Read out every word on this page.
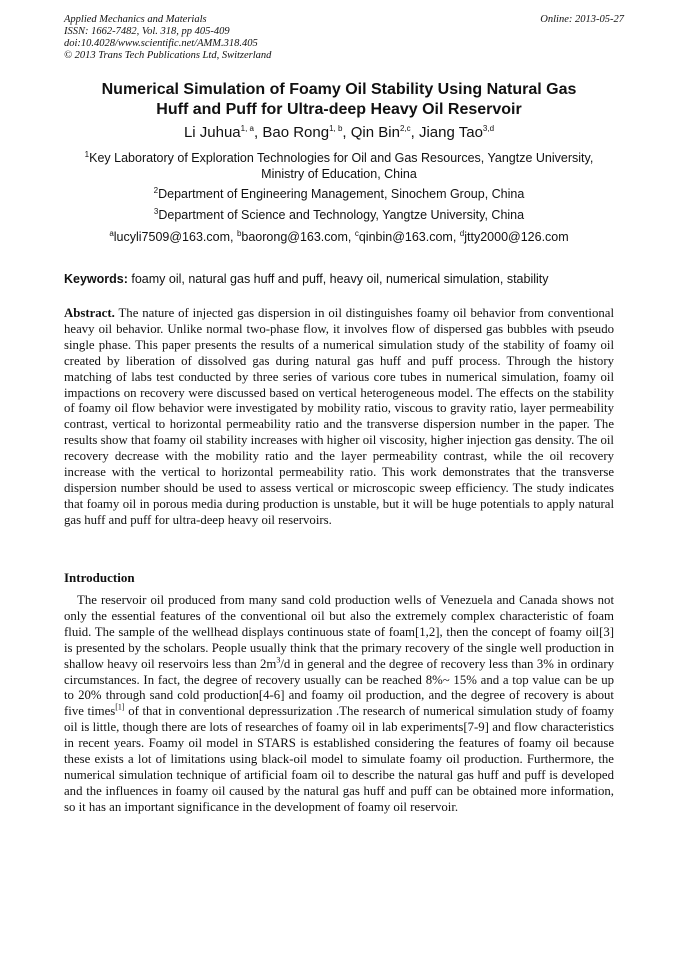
Applied Mechanics and Materials
ISSN: 1662-7482, Vol. 318, pp 405-409
doi:10.4028/www.scientific.net/AMM.318.405
© 2013 Trans Tech Publications Ltd, Switzerland
Online: 2013-05-27
Numerical Simulation of Foamy Oil Stability Using Natural Gas
Huff and Puff for Ultra-deep Heavy Oil Reservoir
Li Juhua$^{1, a}$, Bao Rong$^{1, b}$, Qin Bin$^{2,c}$, Jiang Tao$^{3,d}$
$^1$Key Laboratory of Exploration Technologies for Oil and Gas Resources, Yangtze University,
Ministry of Education, China
$^2$Department of Engineering Management, Sinochem Group, China
$^3$Department of Science and Technology, Yangtze University, China
$^a$lucyli7509@163.com, $^b$baorong@163.com, $^c$qinbin@163.com, $^d$jtty2000@126.com
Keywords: foamy oil, natural gas huff and puff, heavy oil, numerical simulation, stability
Abstract. The nature of injected gas dispersion in oil distinguishes foamy oil behavior from conventional heavy oil behavior. Unlike normal two-phase flow, it involves flow of dispersed gas bubbles with pseudo single phase. This paper presents the results of a numerical simulation study of the stability of foamy oil created by liberation of dissolved gas during natural gas huff and puff process. Through the history matching of labs test conducted by three series of various core tubes in numerical simulation, foamy oil impactions on recovery were discussed based on vertical heterogeneous model. The effects on the stability of foamy oil flow behavior were investigated by mobility ratio, viscous to gravity ratio, layer permeability contrast, vertical to horizontal permeability ratio and the transverse dispersion number in the paper. The results show that foamy oil stability increases with higher oil viscosity, higher injection gas density. The oil recovery decrease with the mobility ratio and the layer permeability contrast, while the oil recovery increase with the vertical to horizontal permeability ratio. This work demonstrates that the transverse dispersion number should be used to assess vertical or microscopic sweep efficiency. The study indicates that foamy oil in porous media during production is unstable, but it will be huge potentials to apply natural gas huff and puff for ultra-deep heavy oil reservoirs.
Introduction
The reservoir oil produced from many sand cold production wells of Venezuela and Canada shows not only the essential features of the conventional oil but also the extremely complex characteristic of foam fluid. The sample of the wellhead displays continuous state of foam[1,2], then the concept of foamy oil[3] is presented by the scholars. People usually think that the primary recovery of the single well production in shallow heavy oil reservoirs less than $2m^3/d$ in general and the degree of recovery less than 3% in ordinary circumstances. In fact, the degree of recovery usually can be reached 8%~ 15% and a top value can be up to 20% through sand cold production[4-6] and foamy oil production, and the degree of recovery is about five times[1] of that in conventional depressurization .The research of numerical simulation study of foamy oil is little, though there are lots of researches of foamy oil in lab experiments[7-9] and flow characteristics in recent years. Foamy oil model in STARS is established considering the features of foamy oil because these exists a lot of limitations using black-oil model to simulate foamy oil production. Furthermore, the numerical simulation technique of artificial foam oil to describe the natural gas huff and puff is developed and the influences in foamy oil caused by the natural gas huff and puff can be obtained more information, so it has an important significance in the development of foamy oil reservoir.
